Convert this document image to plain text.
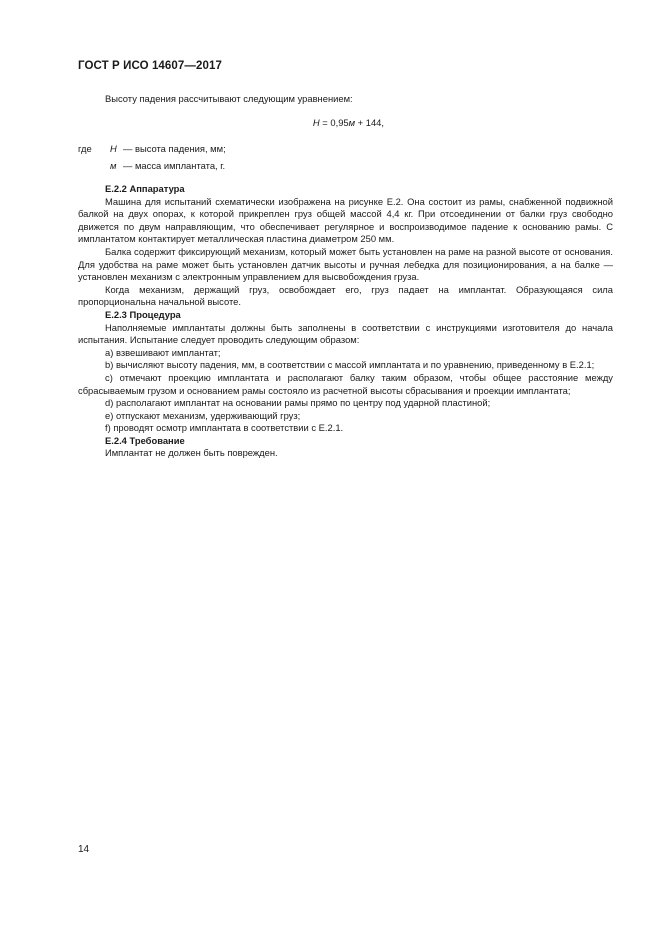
ГОСТ Р ИСО 14607—2017

Высоту падения рассчитывают следующим уравнением:

H = 0,95м + 144,
где H — высота падения, мм;
м — масса имплантата, г.

Е.2.2 Аппаратура

Машина для испытаний схематически изображена на рисунке Е.2. Она состоит из рамы, снабженной подвижной балкой на двух опорах, к которой прикреплен груз общей массой 4,4 кг. При отсоединении от балки груз свободно движется по двум направляющим, что обеспечивает регулярное и воспроизводимое падение к основанию рамы. С имплантатом контактирует металлическая пластина диаметром 250 мм.

Балка содержит фиксирующий механизм, который может быть установлен на раме на разной высоте от основания. Для удобства на раме может быть установлен датчик высоты и ручная лебедка для позиционирования, а на балке — установлен механизм с электронным управлением для высвобождения груза.

Когда механизм, держащий груз, освобождает его, груз падает на имплантат. Образующаяся сила пропорциональна начальной высоте.

Е.2.3 Процедура

Наполняемые имплантаты должны быть заполнены в соответствии с инструкциями изготовителя до начала испытания. Испытание следует проводить следующим образом:

а) взвешивают имплантат;

b) вычисляют высоту падения, мм, в соответствии с массой имплантата и по уравнению, приведенному в Е.2.1;

c) отмечают проекцию имплантата и располагают балку таким образом, чтобы общее расстояние между сбрасываемым грузом и основанием рамы состояло из расчетной высоты сбрасывания и проекции имплантата;

d) располагают имплантат на основании рамы прямо по центру под ударной пластиной;

e) отпускают механизм, удерживающий груз;

f) проводят осмотр имплантата в соответствии с Е.2.1.

Е.2.4 Требование

Имплантат не должен быть поврежден.

14
